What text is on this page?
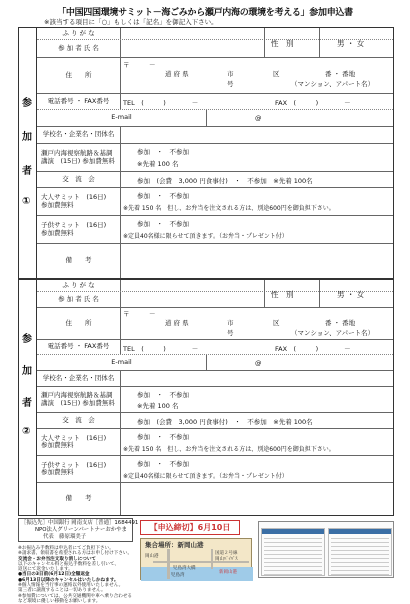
「中国四国環境サミット－海ごみから瀬戸内海の環境を考える」参加申込書
※該当する項目に「○」もしくは「記名」を御記入下さい。
参
加
者
①
ふ り が な
参 加 者 氏 名	性　別	男 ・ 女
住　　所
〒　　　－
道 府 県	市	区	番 ・ 番地
号	（マンション、アパート名）
電話番号 ・ FAX番号	TEL　(　　　)　　　　－	FAX　(　　　)　　　　－
E-mail	@
学校名・企業名・団体名
瀬戸内海視察航路＆基調講演　(15日) 参加費無料
参加　・　不参加
※先着 100 名
交　流　会	参加　(会費　3,000 円食事付)　・　不参加　※先着 100名
大人サミット　(16日)　参加費無料
参加　・　不参加
※先着 150 名　但し、お弁当を注文される方は、別途600円を御負担下さい。
子供サミット　(16日)　参加費無料
参加　・　不参加
※定員40名様に限らせて頂きます。（お弁当・プレゼント付）
備　　考
参
加
者
②
ふ り が な
参 加 者 氏 名	性　別	男 ・ 女
住　　所
〒　　　－
道 府 県	市	区	番 ・ 番地
号	（マンション、アパート名）
電話番号 ・ FAX番号	TEL　(　　　)　　　　－	FAX　(　　　)　　　　－
E-mail	@
学校名・企業名・団体名
瀬戸内海視察航路＆基調講演　(15日) 参加費無料
参加　・　不参加
※先着 100 名
交　流　会	参加　(会費　3,000 円食事付)　・　不参加　※先着 100名
大人サミット　(16日)　参加費無料
参加　・　不参加
※先着 150 名　但し、お弁当を注文される方は、別途600円を御負担下さい。
子供サミット　(16日)　参加費無料
参加　・　不参加
※定員40名様に限らせて頂きます。（お弁当・プレゼント付）
備　　考
［振込先］中国銀行 岡南支店［普通］1684491
NPO法人グリーンパートナーおかやま
代表　藤原瑠美子
【申込締切】6月10日
集合場所：新岡山港
岡山港
国道２号線
岡山ﾊﾞｲﾊﾟｽ
児島湾大橋
児島湾
新岡山港
※お振込み手数料は申込者にてご負担下さい。
※請求書、領収書を希望される方はお申し付け下さい。
交流会・お弁当注文取り消しについて
以下のキャンセル料と振込手数料を差し引いて、
返送にて返金いたします。
●当日の3日前(6月12日)全額返金
●6月13日以降のキャンセルはいたしかねます。
※個人情報を当行事の運絡以外使用いたしません。
第三者に譲渡することは一切ありません。
※参加費については、公共交通機関や車へ乗り合わせるなど環境に優しい移動をお願いします。
